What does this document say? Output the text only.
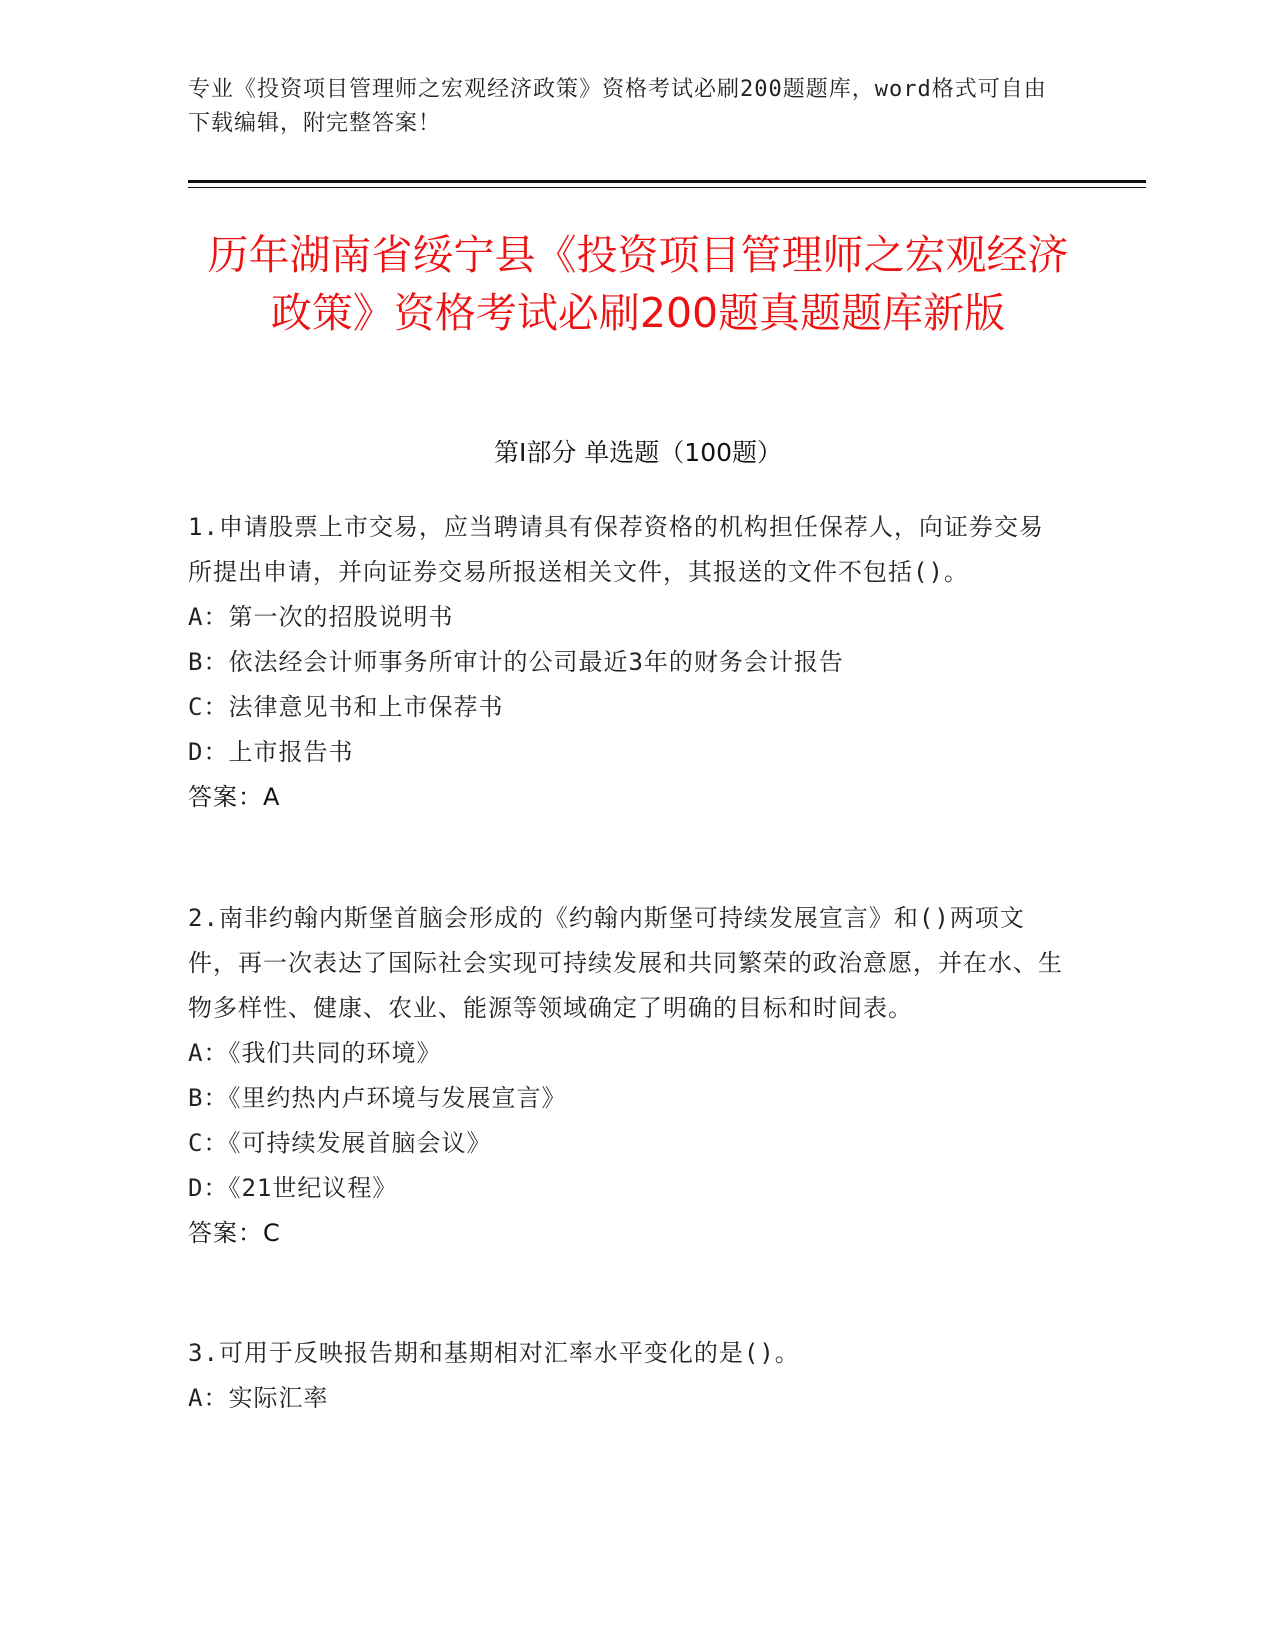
专业《投资项目管理师之宏观经济政策》资格考试必刷200题题库，word格式可自由下载编辑，附完整答案！
历年湖南省绥宁县《投资项目管理师之宏观经济政策》资格考试必刷200题真题题库新版
第I部分 单选题（100题）

1.申请股票上市交易，应当聘请具有保荐资格的机构担任保荐人，向证券交易所提出申请，并向证券交易所报送相关文件，其报送的文件不包括()。

A：第一次的招股说明书

B：依法经会计师事务所审计的公司最近3年的财务会计报告

C：法律意见书和上市保荐书

D：上市报告书

答案：A

2.南非约翰内斯堡首脑会形成的《约翰内斯堡可持续发展宣言》和()两项文件，再一次表达了国际社会实现可持续发展和共同繁荣的政治意愿，并在水、生物多样性、健康、农业、能源等领域确定了明确的目标和时间表。

A：《我们共同的环境》

B：《里约热内卢环境与发展宣言》

C：《可持续发展首脑会议》

D：《21世纪议程》

答案：C

3.可用于反映报告期和基期相对汇率水平变化的是()。

A：实际汇率
